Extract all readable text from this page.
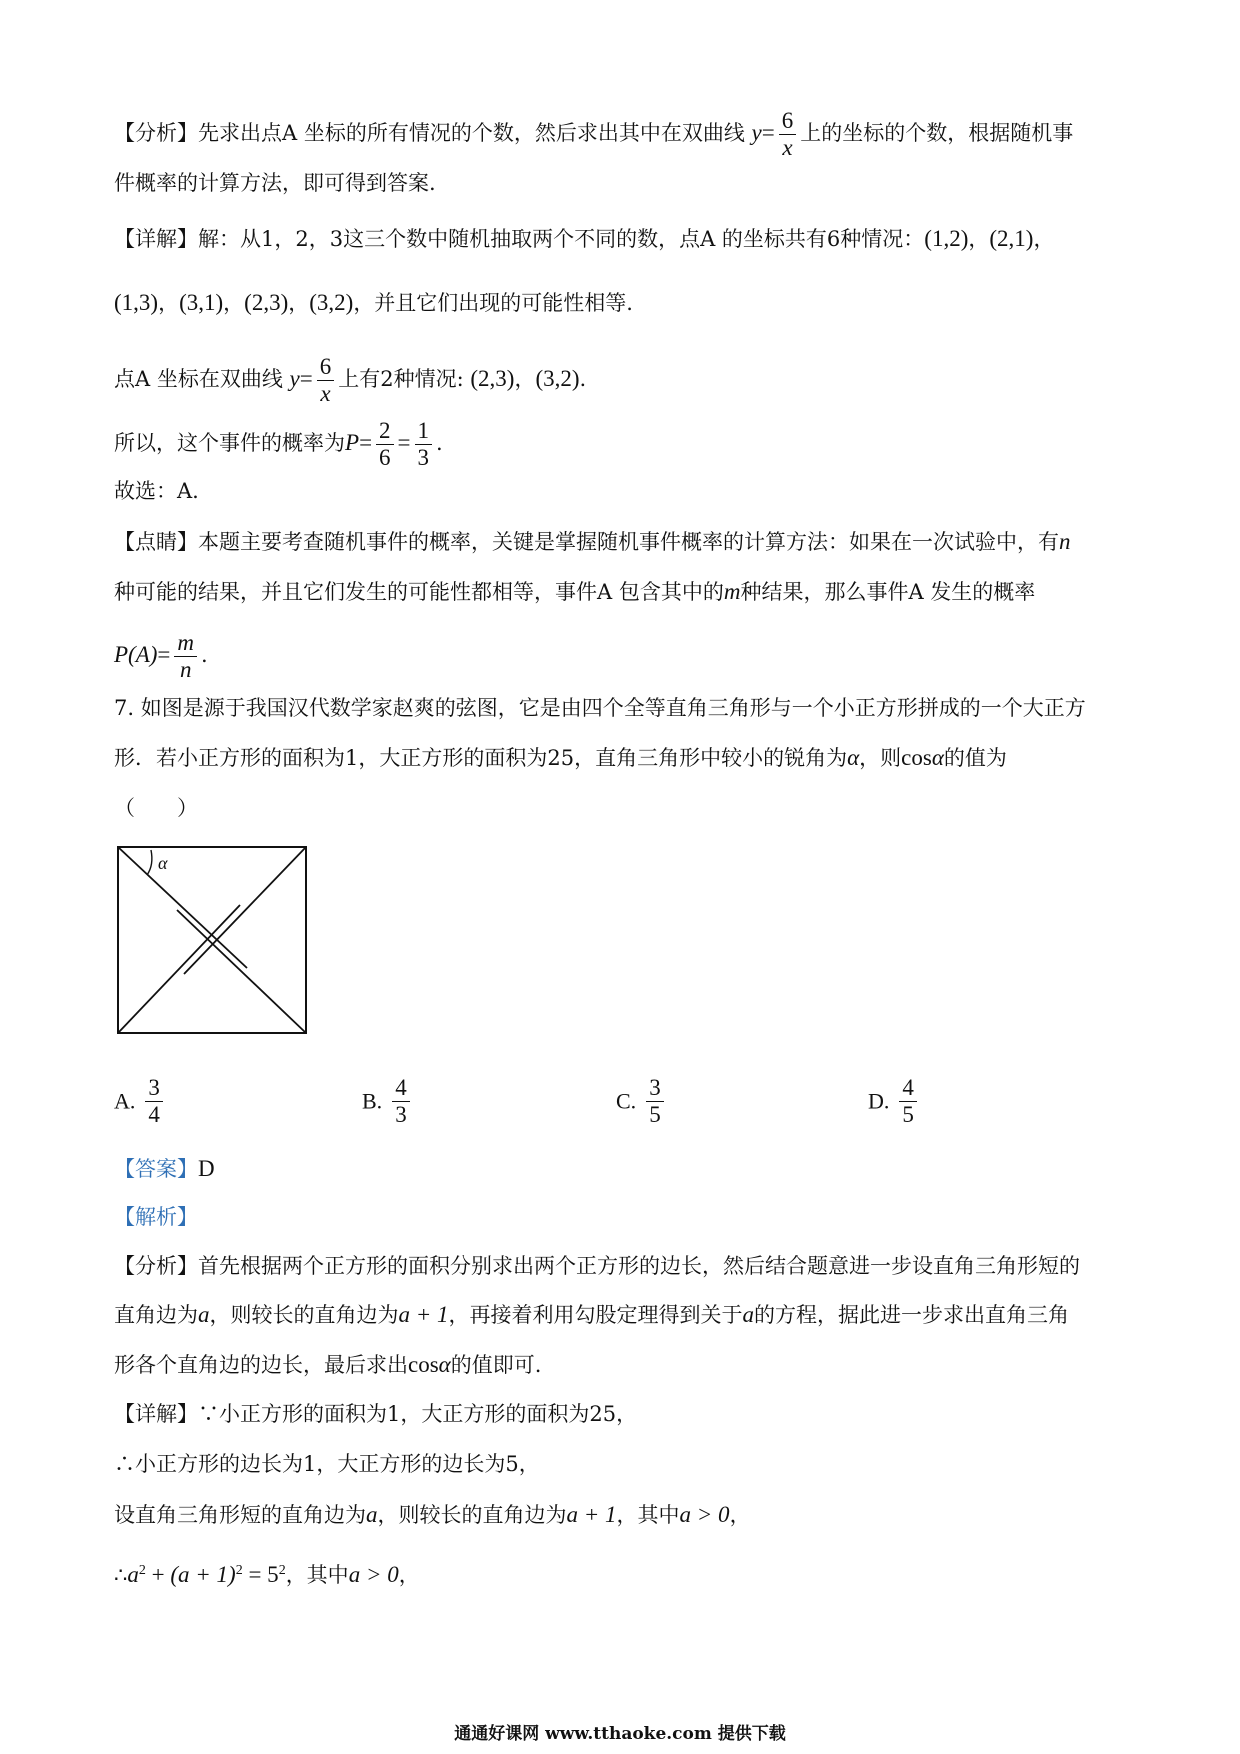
【分析】先求出点A 坐标的所有情况的个数，然后求出其中在双曲线 $y= \frac{6}{x}$ 上的坐标的个数，根据随机事
件概率的计算方法，即可得到答案.
【详解】解：从1，2，3这三个数中随机抽取两个不同的数，点A 的坐标共有6种情况：(1,2)，(2,1)，
(1,3)，(3,1)，(2,3)，(3,2)，并且它们出现的可能性相等.
点A 坐标在双曲线 $y= \frac{6}{x}$ 上有2种情况: (2,3)，(3,2).
所以，这个事件的概率为$P= \frac{2}{6} = \frac{1}{3}$ .
故选：A.
【点睛】本题主要考查随机事件的概率，关键是掌握随机事件概率的计算方法：如果在一次试验中，有n
种可能的结果，并且它们发生的可能性都相等，事件A 包含其中的m种结果，那么事件A 发生的概率
$P(A)= \frac{m}{n}$ .
7. 如图是源于我国汉代数学家赵爽的弦图，它是由四个全等直角三角形与一个小正方形拼成的一个大正方
形．若小正方形的面积为1，大正方形的面积为25，直角三角形中较小的锐角为α，则cosα的值为
（　　）
α
A. $\frac{3}{4}$	B. $\frac{4}{3}$	C. $\frac{3}{5}$	D. $\frac{4}{5}$
【答案】D
【解析】
【分析】首先根据两个正方形的面积分别求出两个正方形的边长，然后结合题意进一步设直角三角形短的
直角边为a，则较长的直角边为a + 1，再接着利用勾股定理得到关于a的方程，据此进一步求出直角三角
形各个直角边的边长，最后求出cosα的值即可.
【详解】∵小正方形的面积为1，大正方形的面积为25，
∴小正方形的边长为1，大正方形的边长为5，
设直角三角形短的直角边为a，则较长的直角边为a + 1，其中a > 0，
$\therefore a^2 + (a + 1)^2 = 5^2$，其中a > 0，
通通好课网 www.tthaoke.com 提供下载
